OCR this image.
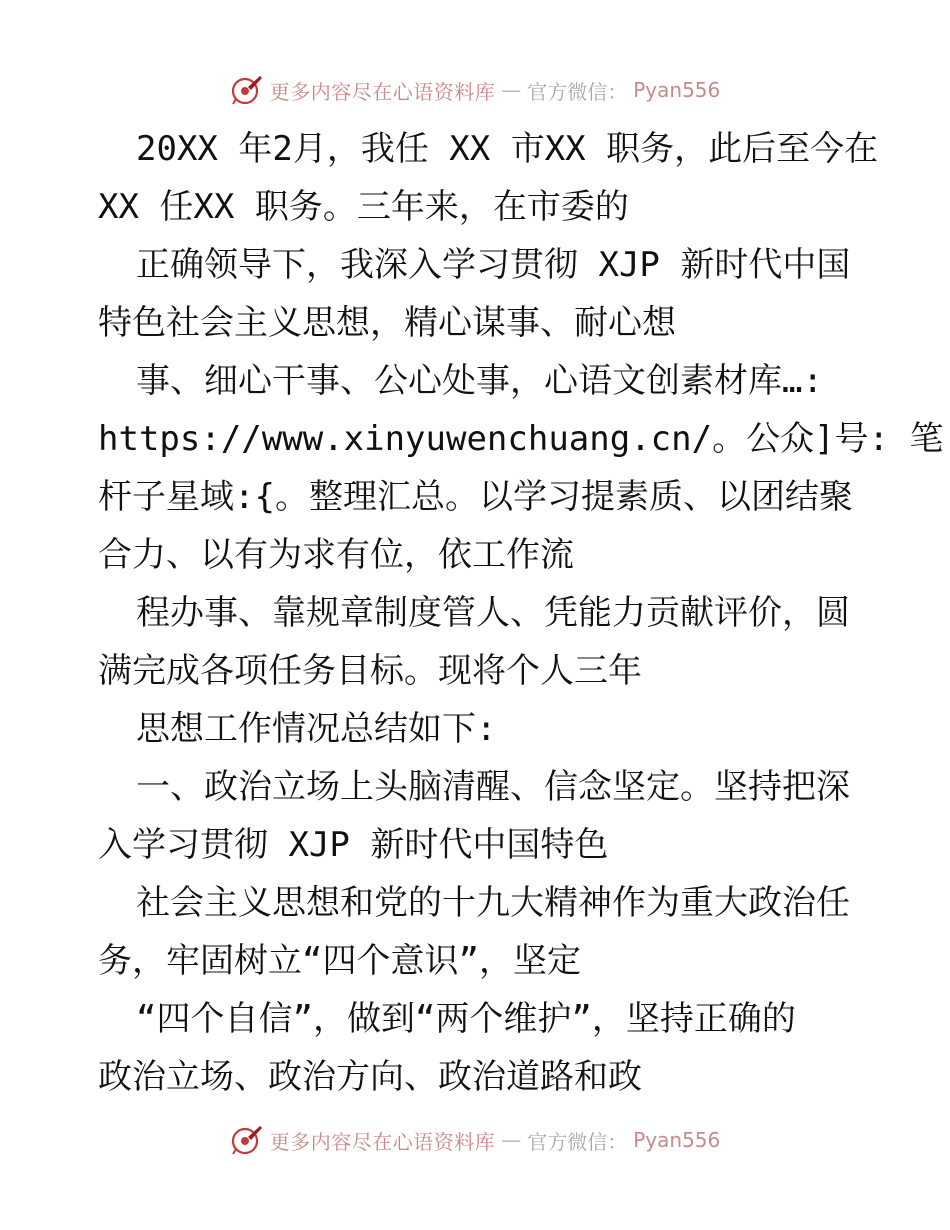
更多内容尽在心语资料库 — 官方微信： Pyan556
20XX 年2月，我任 XX 市XX 职务，此后至今在
XX 任XX 职务。三年来，在市委的
正确领导下，我深入学习贯彻 XJP 新时代中国
特色社会主义思想，精心谋事、耐心想
事、细心干事、公心处事，心语文创素材库…:
https://www.xinyuwenchuang.cn/。公众]号: 笔
杆子星域:{。整理汇总。以学习提素质、以团结聚
合力、以有为求有位，依工作流
程办事、靠规章制度管人、凭能力贡献评价，圆
满完成各项任务目标。现将个人三年
思想工作情况总结如下:
一、政治立场上头脑清醒、信念坚定。坚持把深
入学习贯彻 XJP 新时代中国特色
社会主义思想和党的十九大精神作为重大政治任
务，牢固树立“四个意识”，坚定
“四个自信”，做到“两个维护”，坚持正确的
政治立场、政治方向、政治道路和政
更多内容尽在心语资料库 — 官方微信： Pyan556
